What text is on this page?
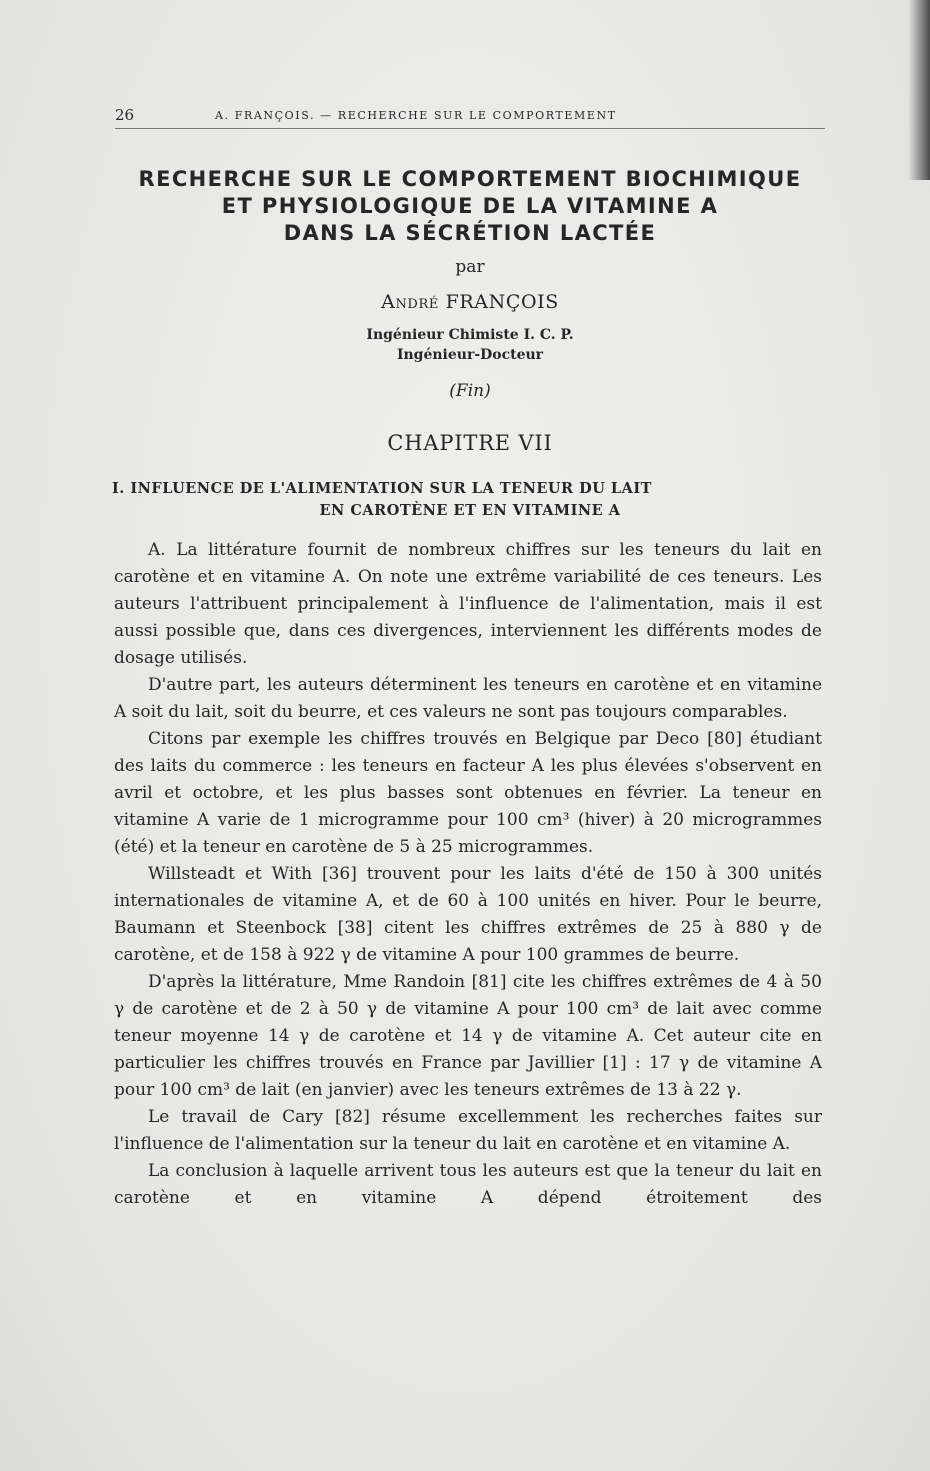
26	A. FRANÇOIS. — RECHERCHE SUR LE COMPORTEMENT
RECHERCHE SUR LE COMPORTEMENT BIOCHIMIQUE
ET PHYSIOLOGIQUE DE LA VITAMINE A
DANS LA SÉCRÉTION LACTÉE
par
André FRANÇOIS
Ingénieur Chimiste I. C. P.
Ingénieur-Docteur
(Fin)
CHAPITRE VII
I. INFLUENCE DE L'ALIMENTATION SUR LA TENEUR DU LAIT
EN CAROTÈNE ET EN VITAMINE A

A. La littérature fournit de nombreux chiffres sur les teneurs du lait en carotène et en vitamine A. On note une extrême variabilité de ces teneurs. Les auteurs l'attribuent principalement à l'influence de l'alimentation, mais il est aussi possible que, dans ces divergences, interviennent les différents modes de dosage utilisés.

D'autre part, les auteurs déterminent les teneurs en carotène et en vitamine A soit du lait, soit du beurre, et ces valeurs ne sont pas toujours comparables.

Citons par exemple les chiffres trouvés en Belgique par Deco [80] étudiant des laits du commerce : les teneurs en facteur A les plus élevées s'observent en avril et octobre, et les plus basses sont obtenues en février. La teneur en vitamine A varie de 1 microgramme pour 100 cm³ (hiver) à 20 microgrammes (été) et la teneur en carotène de 5 à 25 microgrammes.

Willsteadt et With [36] trouvent pour les laits d'été de 150 à 300 unités internationales de vitamine A, et de 60 à 100 unités en hiver. Pour le beurre, Baumann et Steenbock [38] citent les chiffres extrêmes de 25 à 880 γ de carotène, et de 158 à 922 γ de vitamine A pour 100 grammes de beurre.

D'après la littérature, Mme Randoin [81] cite les chiffres extrêmes de 4 à 50 γ de carotène et de 2 à 50 γ de vitamine A pour 100 cm³ de lait avec comme teneur moyenne 14 γ de carotène et 14 γ de vitamine A. Cet auteur cite en particulier les chiffres trouvés en France par Javillier [1] : 17 γ de vitamine A pour 100 cm³ de lait (en janvier) avec les teneurs extrêmes de 13 à 22 γ.

Le travail de Cary [82] résume excellemment les recherches faites sur l'influence de l'alimentation sur la teneur du lait en carotène et en vitamine A.

La conclusion à laquelle arrivent tous les auteurs est que la teneur du lait en carotène et en vitamine A dépend étroitement des
